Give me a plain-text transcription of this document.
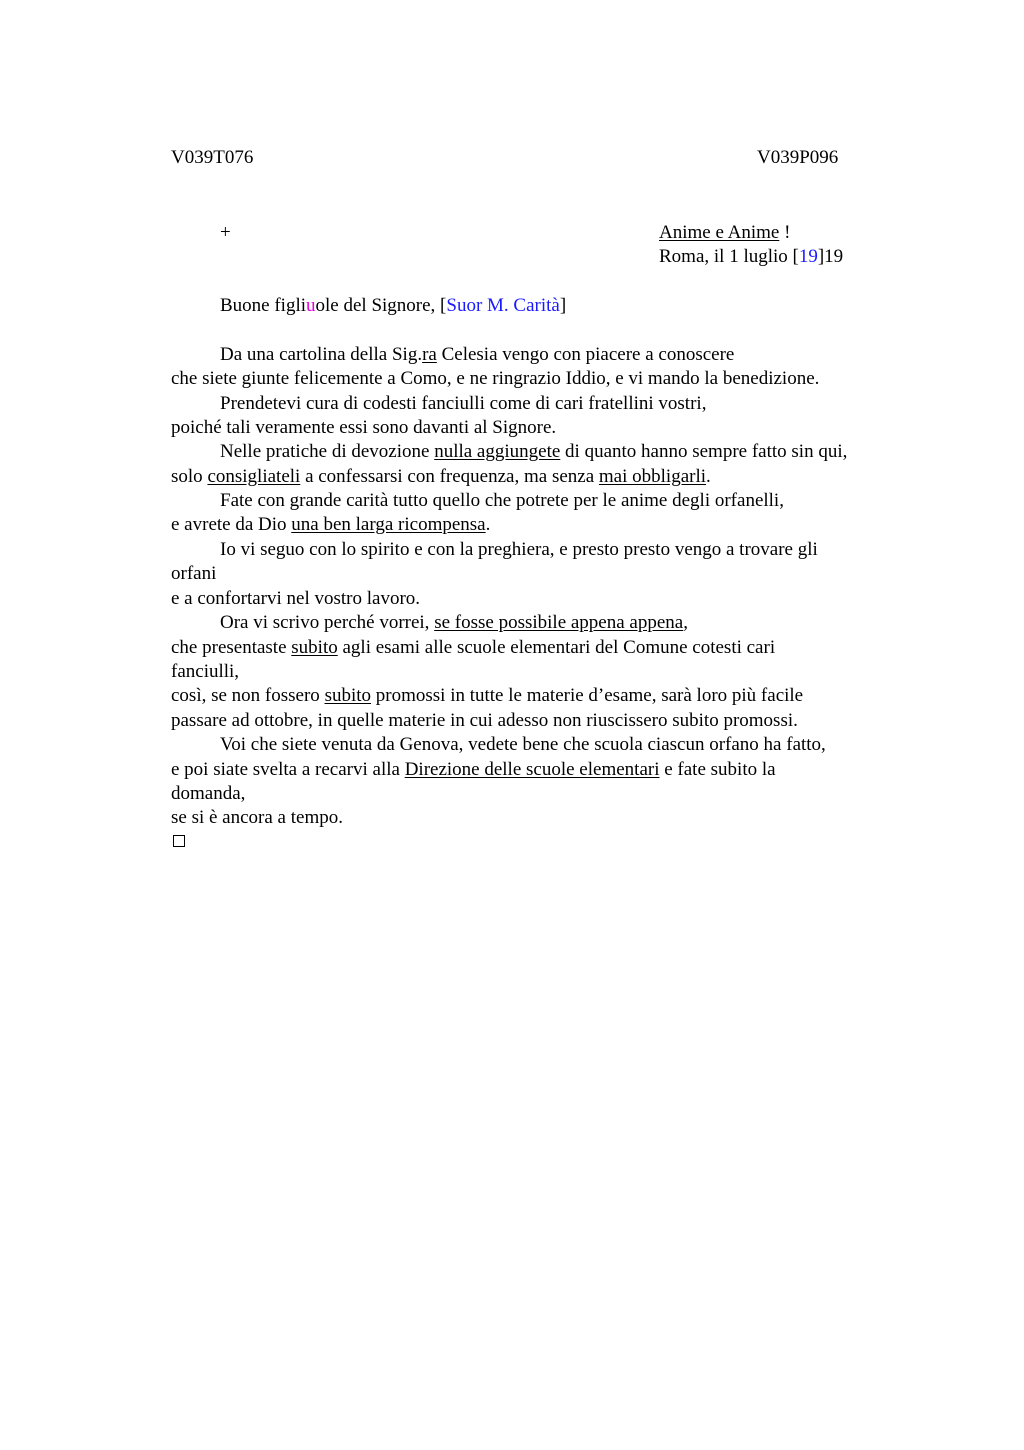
V039T076	V039P096
+	Anime e Anime !
Roma, il 1 luglio [19]19
Buone figliuole del Signore, [Suor M. Carità]
Da una cartolina della Sig.ra Celesia vengo con piacere a conoscere
che siete giunte felicemente a Como, e ne ringrazio Iddio, e vi mando la benedizione.
Prendetevi cura di codesti fanciulli come di cari fratellini vostri,
poiché tali veramente essi sono davanti al Signore.
Nelle pratiche di devozione nulla aggiungete di quanto hanno sempre fatto sin qui,
solo consigliateli a confessarsi con frequenza, ma senza mai obbligarli.
Fate con grande carità tutto quello che potrete per le anime degli orfanelli,
e avrete da Dio una ben larga ricompensa.
Io vi seguo con lo spirito e con la preghiera, e presto presto vengo a trovare gli
orfani
e a confortarvi nel vostro lavoro.
Ora vi scrivo perché vorrei, se fosse possibile appena appena,
che presentaste subito agli esami alle scuole elementari del Comune cotesti cari
fanciulli,
così, se non fossero subito promossi in tutte le materie d’esame, sarà loro più facile
passare ad ottobre, in quelle materie in cui adesso non riuscissero subito promossi.
Voi che siete venuta da Genova, vedete bene che scuola ciascun orfano ha fatto,
e poi siate svelta a recarvi alla Direzione delle scuole elementari e fate subito la
domanda,
se si è ancora a tempo.
